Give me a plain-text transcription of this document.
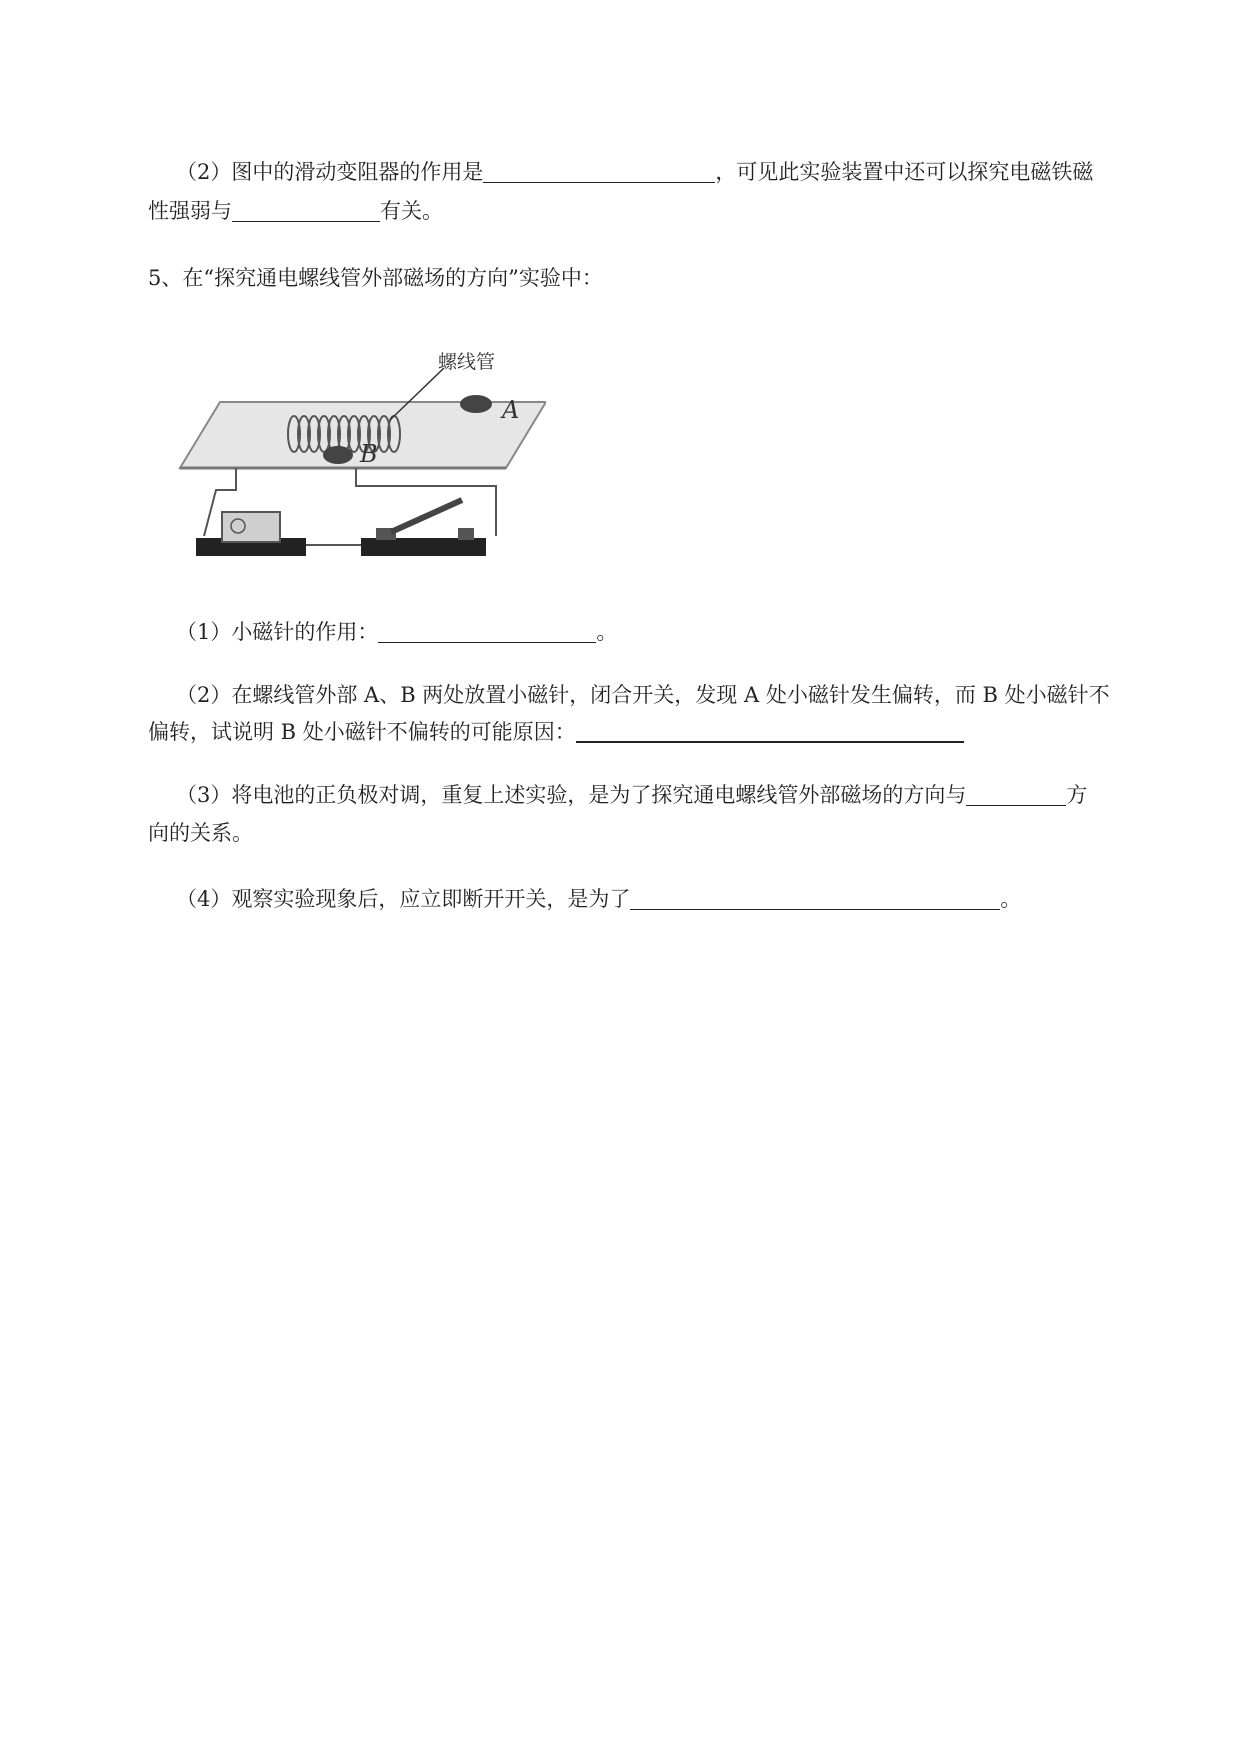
（2）图中的滑动变阻器的作用是	，可见此实验装置中还可以探究电磁铁磁
性强弱与	有关。
5、在“探究通电螺线管外部磁场的方向”实验中：
螺线管
A
B
（1）小磁针的作用：	。
（2）在螺线管外部 A、B 两处放置小磁针，闭合开关，发现 A 处小磁针发生偏转，而 B 处小磁针不
偏转，试说明 B 处小磁针不偏转的可能原因：
（3）将电池的正负极对调，重复上述实验，是为了探究通电螺线管外部磁场的方向与	方
向的关系。
（4）观察实验现象后，应立即断开开关，是为了	。
